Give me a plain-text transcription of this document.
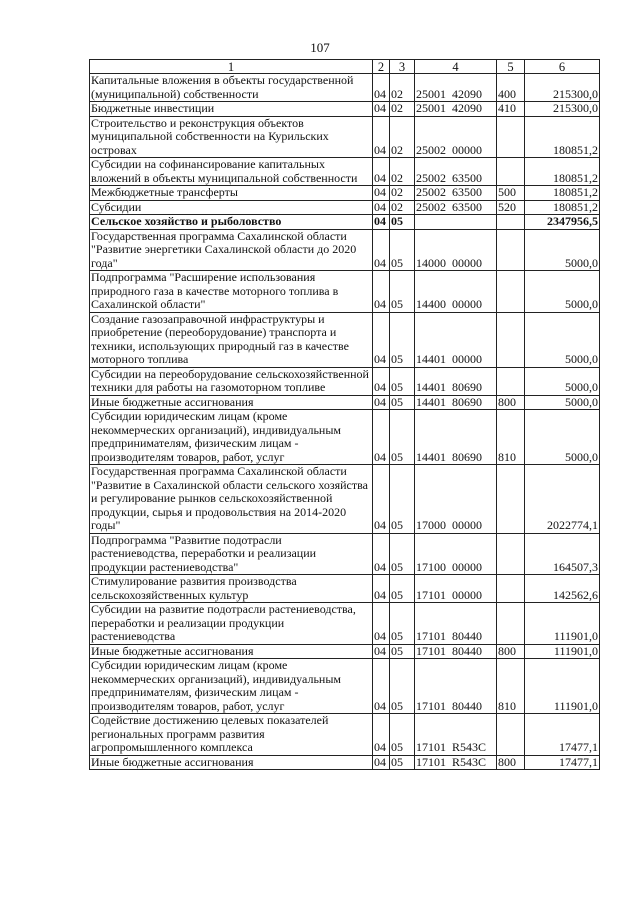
107
1	2	3	4	5	6
Капитальные вложения в объекты государственной (муниципальной) собственности	04	02	25001  42090	400	215300,0
Бюджетные инвестиции	04	02	25001  42090	410	215300,0
Строительство и реконструкция объектов муниципальной собственности на Курильских островах	04	02	25002  00000		180851,2
Субсидии на софинансирование капитальных вложений в объекты муниципальной собственности	04	02	25002  63500		180851,2
Межбюджетные трансферты	04	02	25002  63500	500	180851,2
Субсидии	04	02	25002  63500	520	180851,2
Сельское хозяйство и рыболовство	04	05			2347956,5
Государственная программа Сахалинской области "Развитие энергетики Сахалинской области до 2020 года"	04	05	14000  00000		5000,0
Подпрограмма "Расширение использования природного газа в качестве моторного топлива в Сахалинской области"	04	05	14400  00000		5000,0
Создание газозаправочной инфраструктуры и приобретение (переоборудование) транспорта и техники, использующих природный газ в качестве моторного топлива	04	05	14401  00000		5000,0
Субсидии на переоборудование сельскохозяйственной техники для работы на газомоторном топливе	04	05	14401  80690		5000,0
Иные бюджетные ассигнования	04	05	14401  80690	800	5000,0
Субсидии юридическим лицам (кроме некоммерческих организаций), индивидуальным предпринимателям, физическим лицам - производителям товаров, работ, услуг	04	05	14401  80690	810	5000,0
Государственная программа Сахалинской области "Развитие в Сахалинской области сельского хозяйства и регулирование рынков сельскохозяйственной продукции, сырья и продовольствия на 2014-2020 годы"	04	05	17000  00000		2022774,1
Подпрограмма "Развитие подотрасли растениеводства, переработки и реализации продукции растениеводства"	04	05	17100  00000		164507,3
Стимулирование развития производства сельскохозяйственных культур	04	05	17101  00000		142562,6
Субсидии на развитие подотрасли растениеводства, переработки и реализации продукции растениеводства	04	05	17101  80440		111901,0
Иные бюджетные ассигнования	04	05	17101  80440	800	111901,0
Субсидии юридическим лицам (кроме некоммерческих организаций), индивидуальным предпринимателям, физическим лицам - производителям товаров, работ, услуг	04	05	17101  80440	810	111901,0
Содействие достижению целевых показателей региональных программ развития агропромышленного комплекса	04	05	17101  R543C		17477,1
Иные бюджетные ассигнования	04	05	17101  R543C	800	17477,1
